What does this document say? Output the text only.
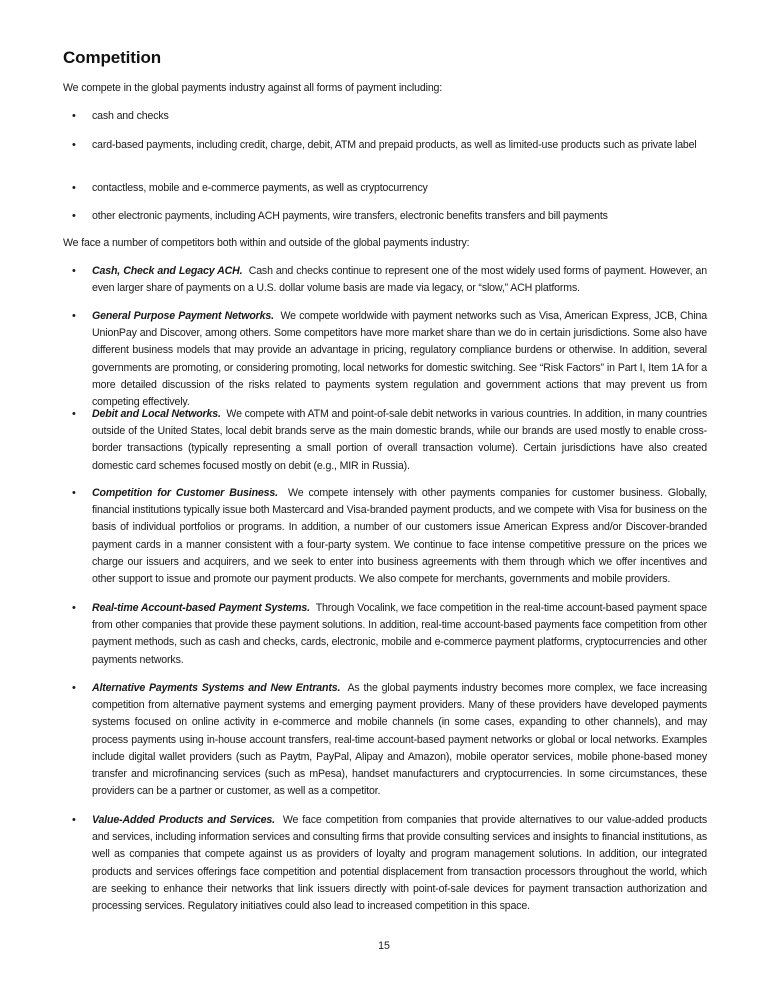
Competition

We compete in the global payments industry against all forms of payment including:

• cash and checks
• card-based payments, including credit, charge, debit, ATM and prepaid products, as well as limited-use products such as private label
• contactless, mobile and e-commerce payments, as well as cryptocurrency
• other electronic payments, including ACH payments, wire transfers, electronic benefits transfers and bill payments

We face a number of competitors both within and outside of the global payments industry:

• Cash, Check and Legacy ACH. Cash and checks continue to represent one of the most widely used forms of payment. However, an even larger share of payments on a U.S. dollar volume basis are made via legacy, or “slow,” ACH platforms.
• General Purpose Payment Networks. We compete worldwide with payment networks such as Visa, American Express, JCB, China UnionPay and Discover, among others. Some competitors have more market share than we do in certain jurisdictions. Some also have different business models that may provide an advantage in pricing, regulatory compliance burdens or otherwise. In addition, several governments are promoting, or considering promoting, local networks for domestic switching. See “Risk Factors” in Part I, Item 1A for a more detailed discussion of the risks related to payments system regulation and government actions that may prevent us from competing effectively.
• Debit and Local Networks. We compete with ATM and point-of-sale debit networks in various countries. In addition, in many countries outside of the United States, local debit brands serve as the main domestic brands, while our brands are used mostly to enable cross-border transactions (typically representing a small portion of overall transaction volume). Certain jurisdictions have also created domestic card schemes focused mostly on debit (e.g., MIR in Russia).
• Competition for Customer Business. We compete intensely with other payments companies for customer business. Globally, financial institutions typically issue both Mastercard and Visa-branded payment products, and we compete with Visa for business on the basis of individual portfolios or programs. In addition, a number of our customers issue American Express and/or Discover-branded payment cards in a manner consistent with a four-party system. We continue to face intense competitive pressure on the prices we charge our issuers and acquirers, and we seek to enter into business agreements with them through which we offer incentives and other support to issue and promote our payment products. We also compete for merchants, governments and mobile providers.
• Real-time Account-based Payment Systems. Through Vocalink, we face competition in the real-time account-based payment space from other companies that provide these payment solutions. In addition, real-time account-based payments face competition from other payment methods, such as cash and checks, cards, electronic, mobile and e-commerce payment platforms, cryptocurrencies and other payments networks.
• Alternative Payments Systems and New Entrants. As the global payments industry becomes more complex, we face increasing competition from alternative payment systems and emerging payment providers. Many of these providers have developed payments systems focused on online activity in e-commerce and mobile channels (in some cases, expanding to other channels), and may process payments using in-house account transfers, real-time account-based payment networks or global or local networks. Examples include digital wallet providers (such as Paytm, PayPal, Alipay and Amazon), mobile operator services, mobile phone-based money transfer and microfinancing services (such as mPesa), handset manufacturers and cryptocurrencies. In some circumstances, these providers can be a partner or customer, as well as a competitor.
• Value-Added Products and Services. We face competition from companies that provide alternatives to our value-added products and services, including information services and consulting firms that provide consulting services and insights to financial institutions, as well as companies that compete against us as providers of loyalty and program management solutions. In addition, our integrated products and services offerings face competition and potential displacement from transaction processors throughout the world, which are seeking to enhance their networks that link issuers directly with point-of-sale devices for payment transaction authorization and processing services. Regulatory initiatives could also lead to increased competition in this space.
15
